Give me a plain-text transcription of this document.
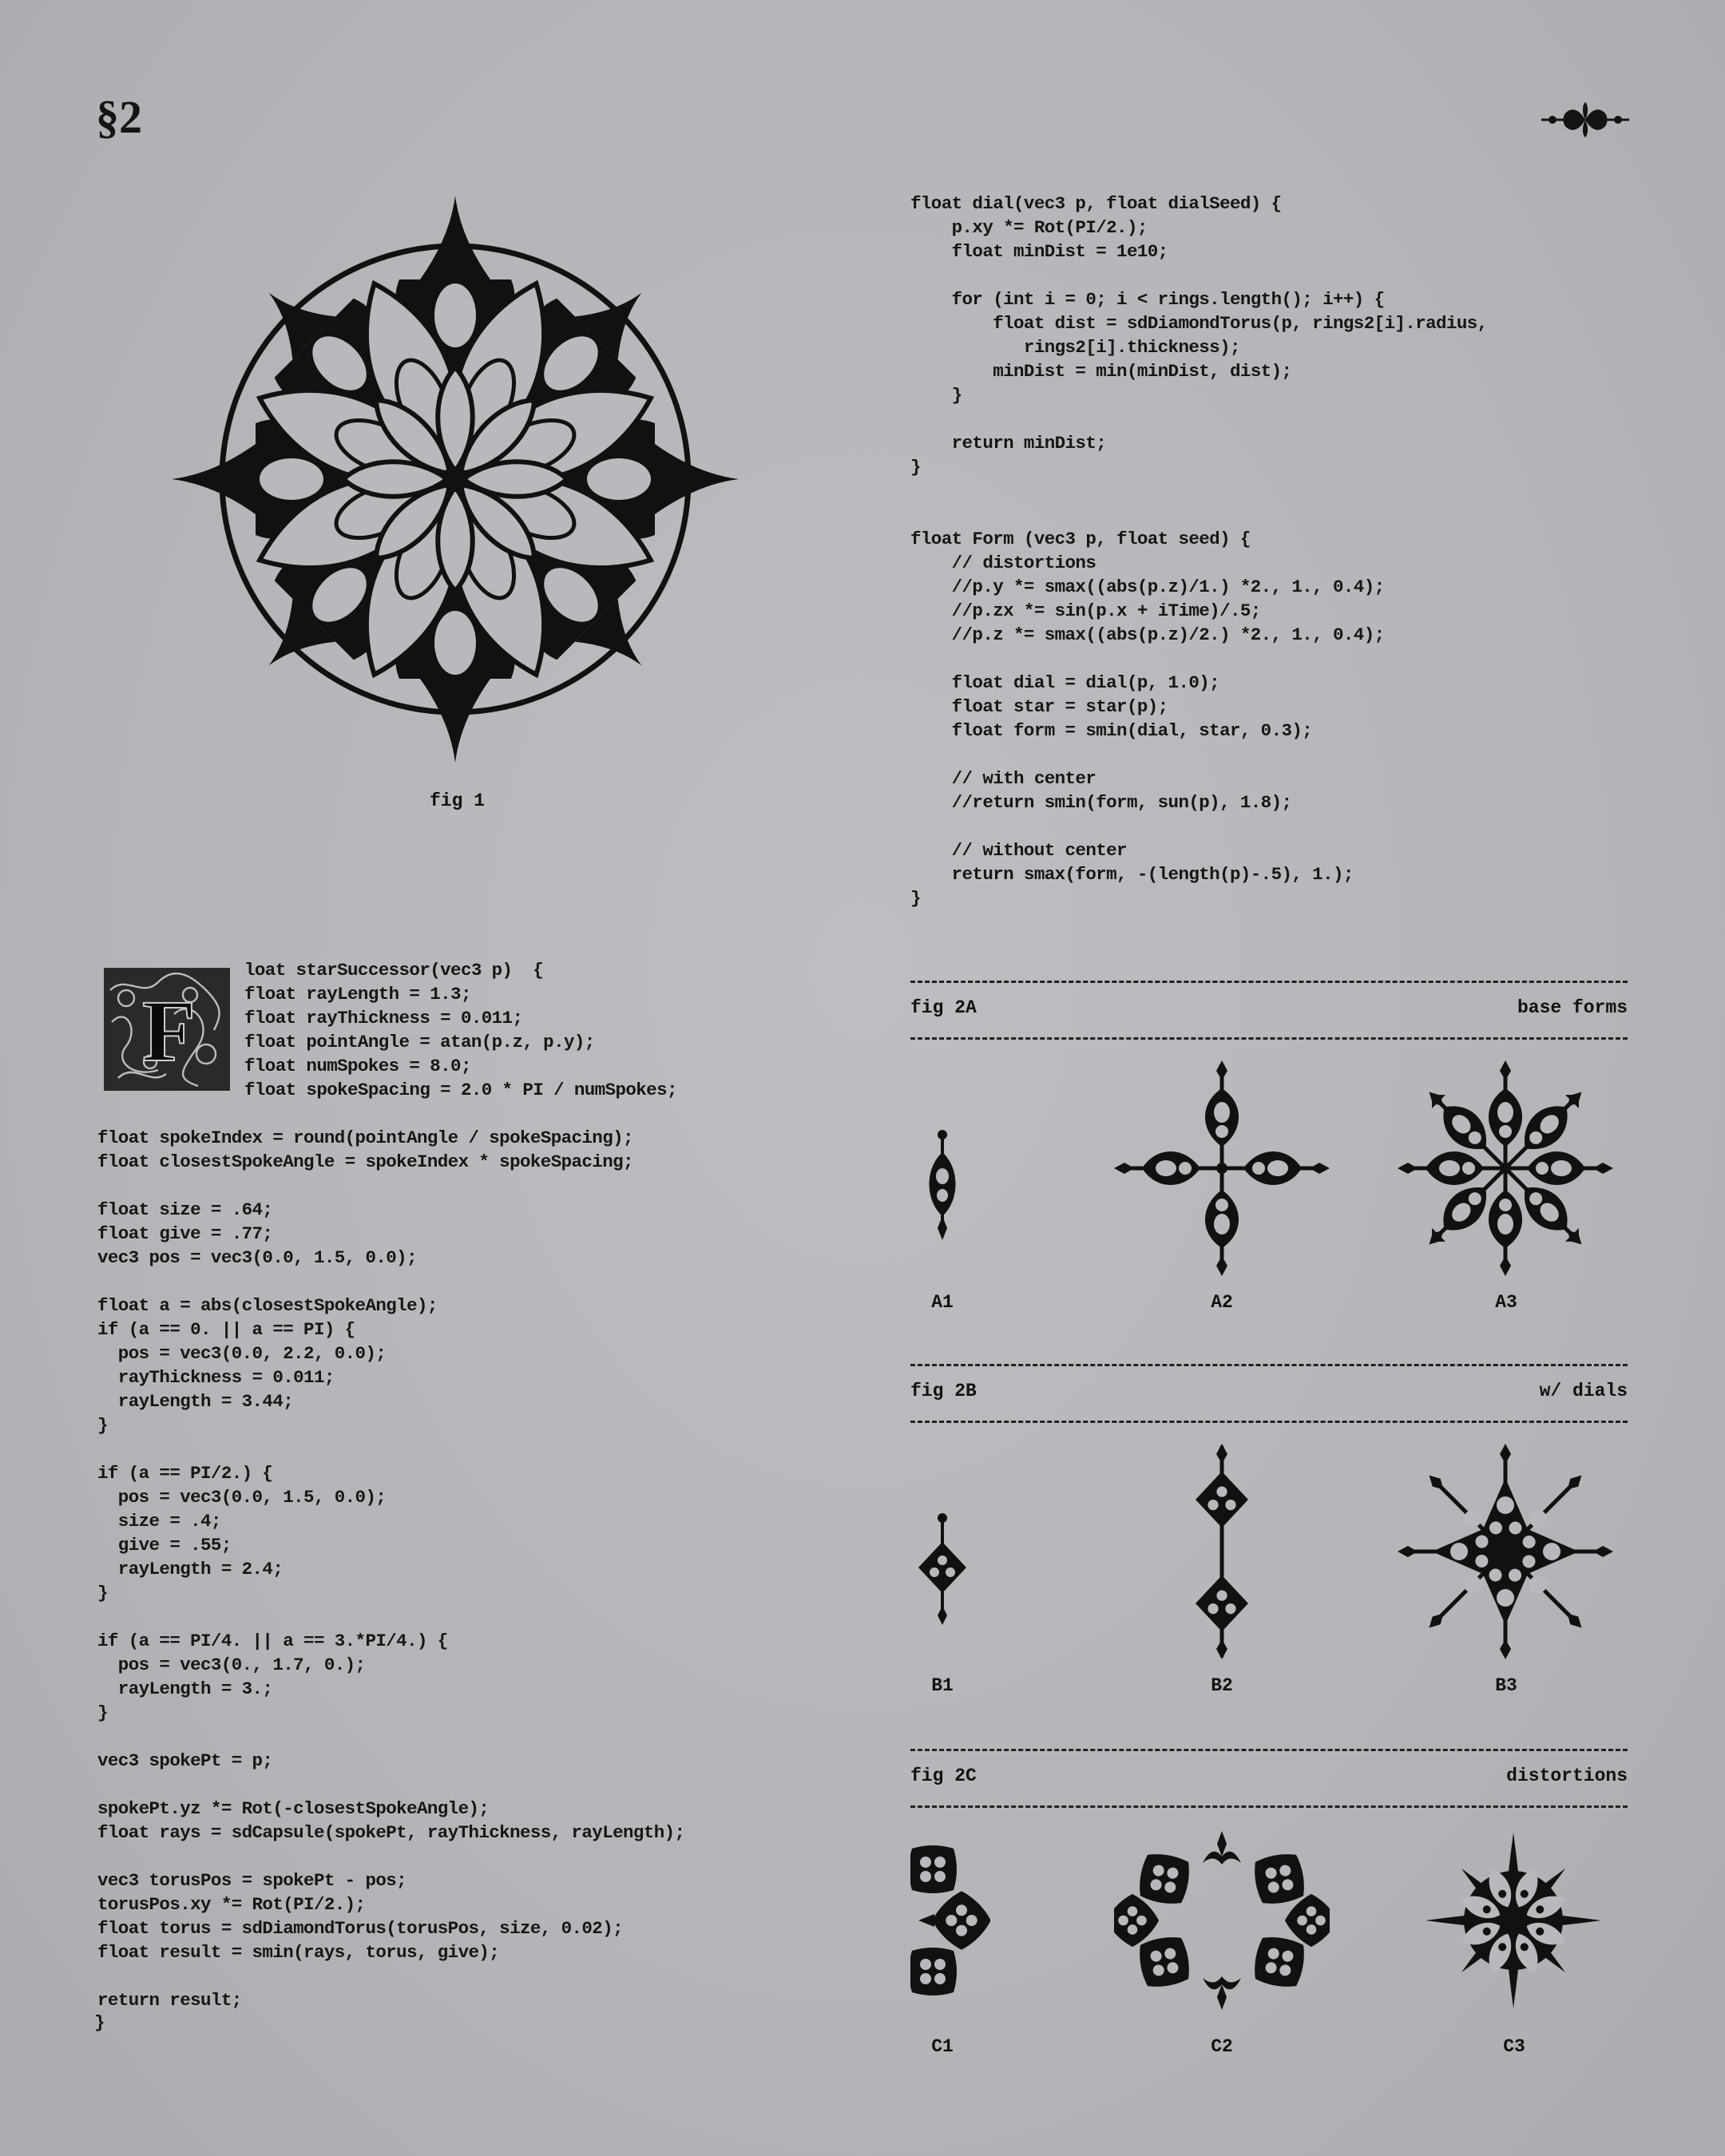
§2
fig 1
float dial(vec3 p, float dialSeed) {
p.xy *= Rot(PI/2.);
float minDist = 1e10;

for (int i = 0; i < rings.length(); i++) {
float dist = sdDiamondTorus(p, rings2[i].radius,
rings2[i].thickness);
minDist = min(minDist, dist);
}

return minDist;
}

float Form (vec3 p, float seed) {
// distortions
//p.y *= smax((abs(p.z)/1.) *2., 1., 0.4);
//p.zx *= sin(p.x + iTime)/.5;
//p.z *= smax((abs(p.z)/2.) *2., 1., 0.4);

float dial = dial(p, 1.0);
float star = star(p);
float form = smin(dial, star, 0.3);

// with center
//return smin(form, sun(p), 1.8);

// without center
return smax(form, -(length(p)-.5), 1.);
}
F
loat starSuccessor(vec3 p)  {
float rayLength = 1.3;
float rayThickness = 0.011;
float pointAngle = atan(p.z, p.y);
float numSpokes = 8.0;
float spokeSpacing = 2.0 * PI / numSpokes;
float spokeIndex = round(pointAngle / spokeSpacing);
float closestSpokeAngle = spokeIndex * spokeSpacing;

float size = .64;
float give = .77;
vec3 pos = vec3(0.0, 1.5, 0.0);

float a = abs(closestSpokeAngle);
if (a == 0. || a == PI) {
pos = vec3(0.0, 2.2, 0.0);
rayThickness = 0.011;
rayLength = 3.44;
}

if (a == PI/2.) {
pos = vec3(0.0, 1.5, 0.0);
size = .4;
give = .55;
rayLength = 2.4;
}

if (a == PI/4. || a == 3.*PI/4.) {
pos = vec3(0., 1.7, 0.);
rayLength = 3.;
}

vec3 spokePt = p;

spokePt.yz *= Rot(-closestSpokeAngle);
float rays = sdCapsule(spokePt, rayThickness, rayLength);

vec3 torusPos = spokePt - pos;
torusPos.xy *= Rot(PI/2.);
float torus = sdDiamondTorus(torusPos, size, 0.02);
float result = smin(rays, torus, give);

return result;
}
fig 2A	base forms
A1	A2	A3
fig 2B	w/ dials
B1	B2	B3
fig 2C	distortions
C1	C2	C3
